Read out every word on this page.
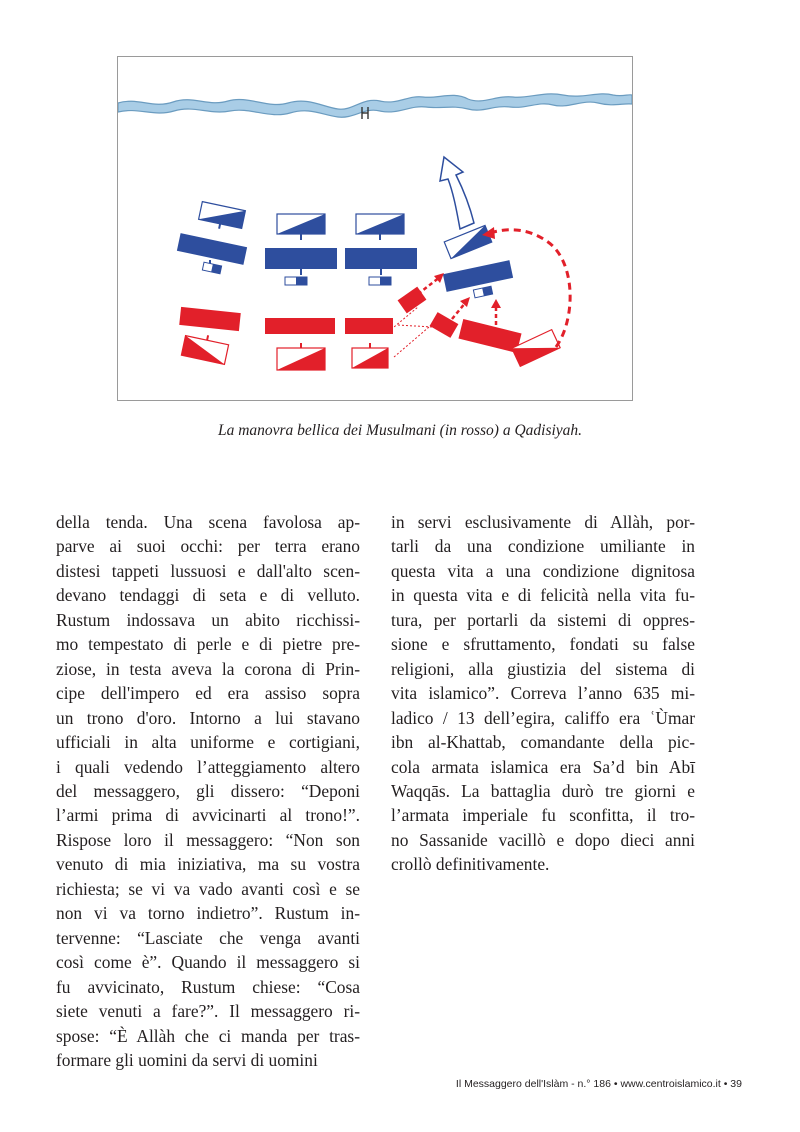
La manovra bellica dei Musulmani (in rosso) a Qadisiyah.
della tenda. Una scena favolosa ap-
parve ai suoi occhi: per terra erano
distesi tappeti lussuosi e dall'alto scen-
devano tendaggi di seta e di velluto.
Rustum indossava un abito ricchissi-
mo tempestato di perle e di pietre pre-
ziose, in testa aveva la corona di Prin-
cipe dell'impero ed era assiso sopra
un trono d'oro. Intorno a lui stavano
ufficiali in alta uniforme e cortigiani,
i quali vedendo l’atteggiamento altero
del messaggero, gli dissero: “Deponi
l’armi prima di avvicinarti al trono!”.
Rispose loro il messaggero: “Non son
venuto di mia iniziativa, ma su vostra
richiesta; se vi va vado avanti così e se
non vi va torno indietro”. Rustum in-
tervenne: “Lasciate che venga avanti
così come è”. Quando il messaggero si
fu avvicinato, Rustum chiese: “Cosa
siete venuti a fare?”. Il messaggero ri-
spose: “È Allàh che ci manda per tras-
formare gli uomini da servi di uomini
in servi esclusivamente di Allàh, por-
tarli da una condizione umiliante in
questa vita a una condizione dignitosa
in questa vita e di felicità nella vita fu-
tura, per portarli da sistemi di oppres-
sione e sfruttamento, fondati su false
religioni, alla giustizia del sistema di
vita islamico”. Correva l’anno 635 mi-
ladico / 13 dell’egira, califfo era ʿÙmar
ibn al-Khattab, comandante della pic-
cola armata islamica era Sa’d bin Abī
Waqqās. La battaglia durò tre giorni e
l’armata imperiale fu sconfitta, il tro-
no Sassanide vacillò e dopo dieci anni
crollò definitivamente.
Il Messaggero dell'Islàm - n.° 186 • www.centroislamico.it • 39
